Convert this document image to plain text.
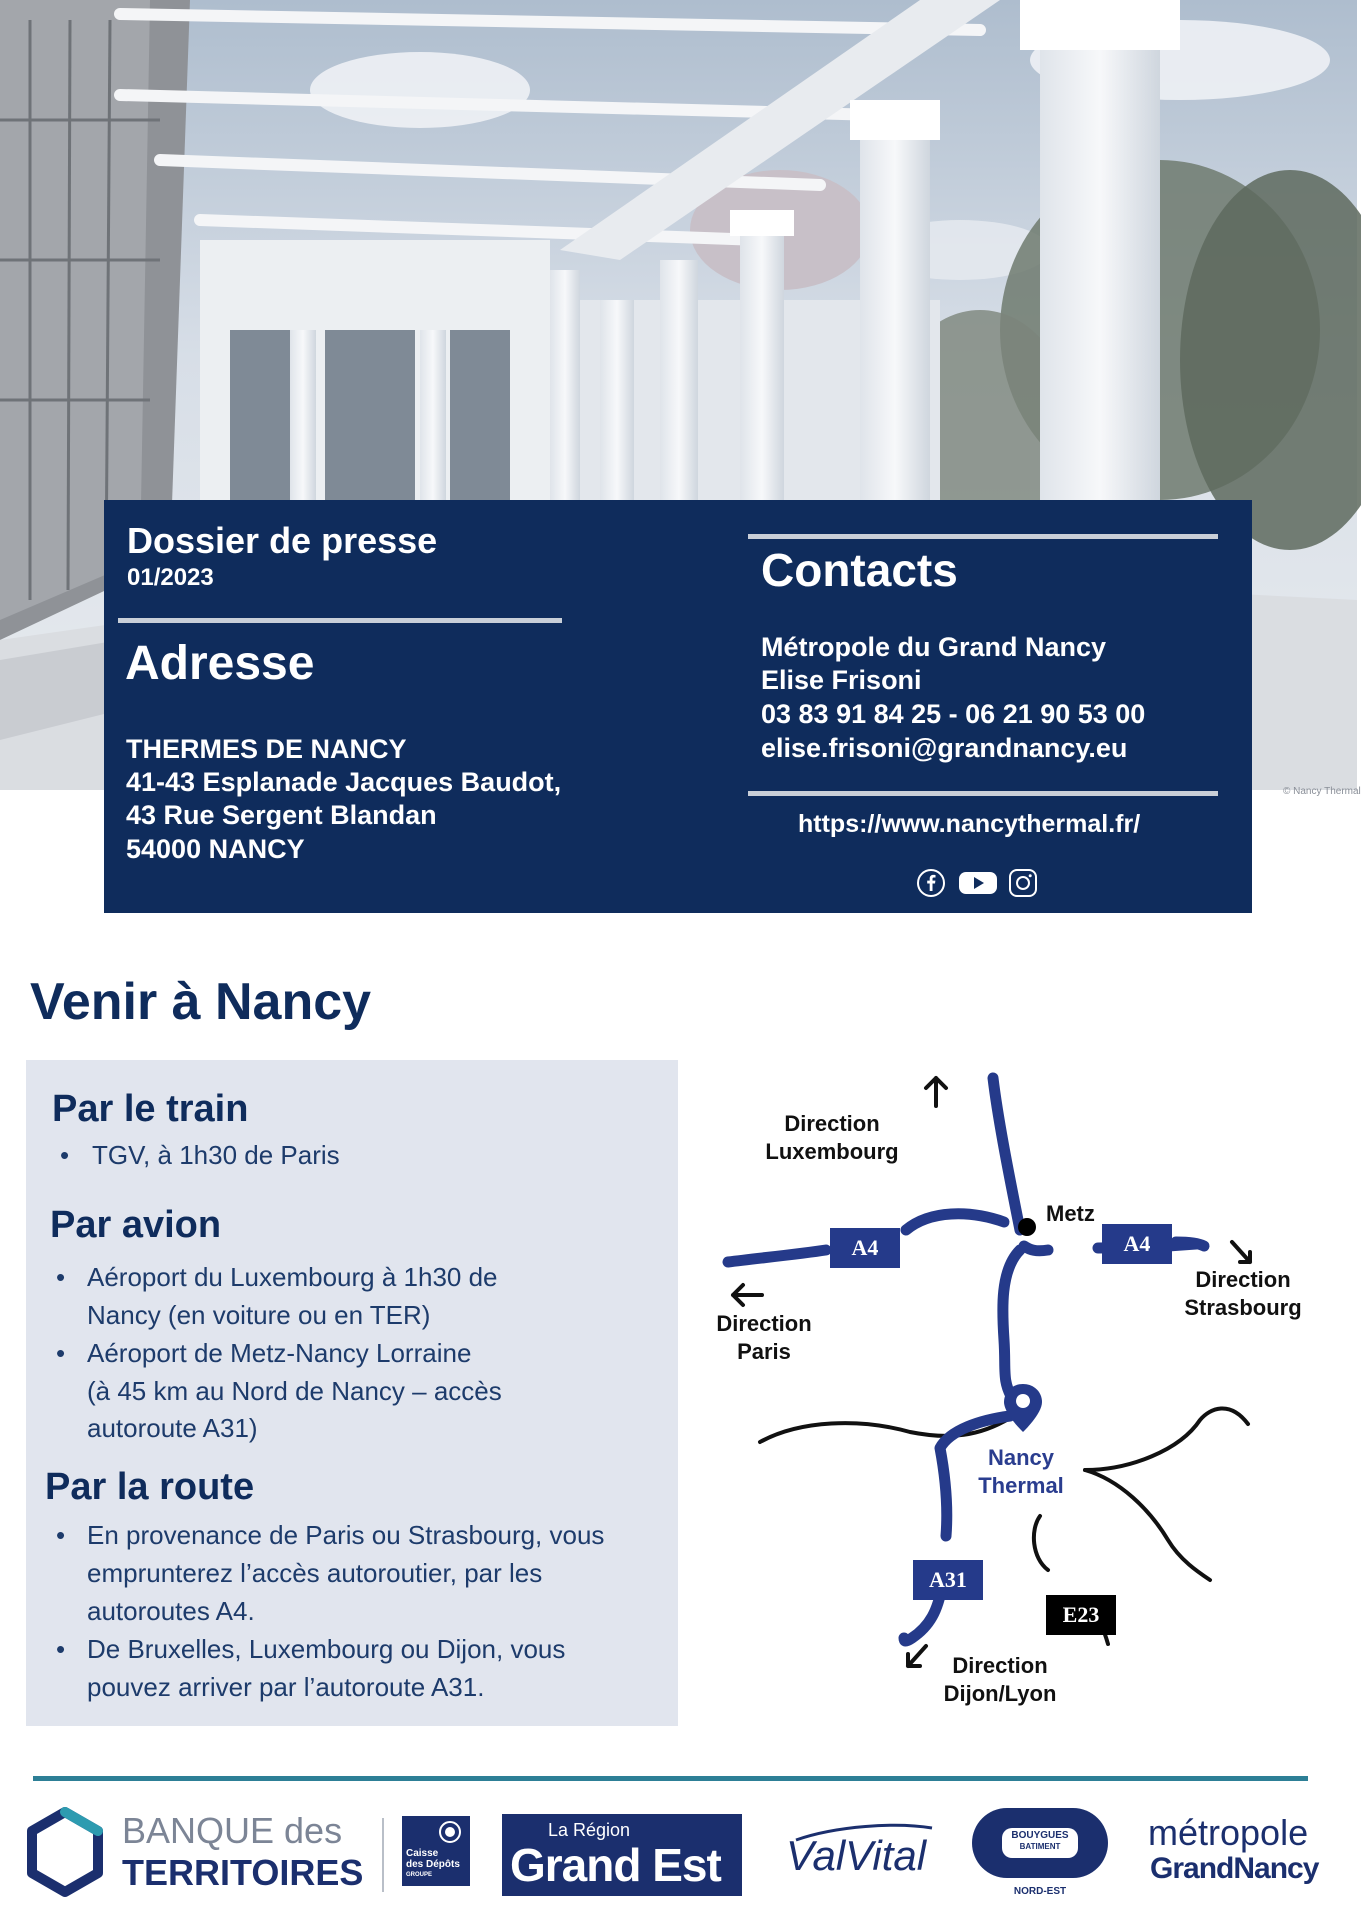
© Nancy Thermal
Dossier de presse
01/2023
Adresse
THERMES DE NANCY
41-43 Esplanade Jacques Baudot,
43 Rue Sergent Blandan
54000 NANCY
Contacts
Métropole du Grand Nancy
Elise Frisoni
03 83 91 84 25 - 06 21 90 53 00
elise.frisoni@grandnancy.eu
https://www.nancythermal.fr/
Venir à Nancy
Par le train
• TGV, à 1h30 de Paris
Par avion
• Aéroport du Luxembourg à 1h30 de
Nancy (en voiture ou en TER)
• Aéroport de Metz-Nancy Lorraine
(à 45 km au Nord de Nancy – accès
autoroute A31)
Par la route
• En provenance de Paris ou Strasbourg, vous
emprunterez l’accès autoroutier, par les
autoroutes A4.
• De Bruxelles, Luxembourg ou Dijon, vous
pouvez arriver par l’autoroute A31.
A4	A4
A31
E23
Direction
Luxembourg
Metz
Direction
Paris
Direction
Strasbourg
Nancy
Thermal
Direction
Dijon/Lyon
BANQUE des
TERRITOIRES	Caisse
des Dépôts
GROUPE
La Région
Grand Est ValVital	BOUYGUES
BATIMENT
NORD-EST
métropole
GrandNancy
